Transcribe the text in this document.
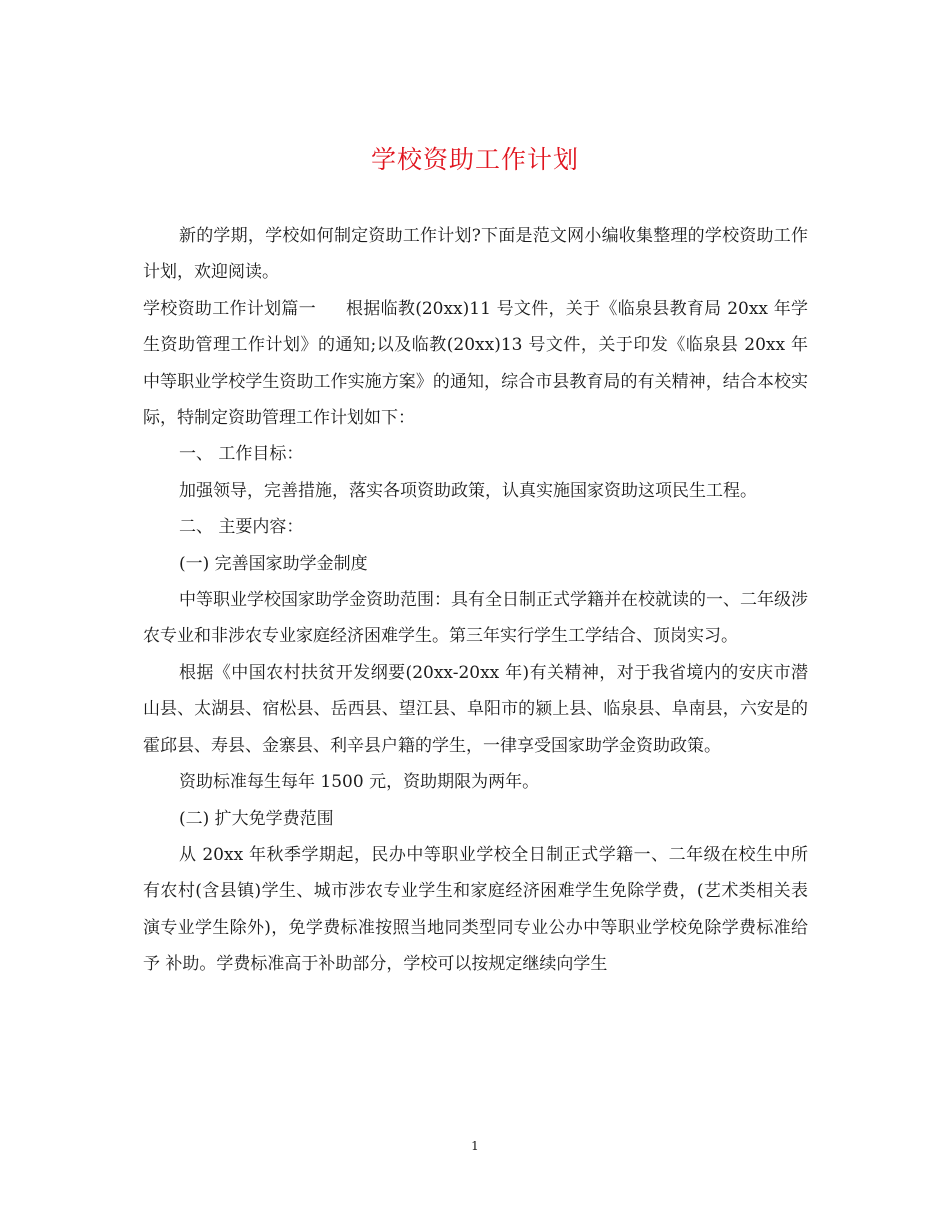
学校资助工作计划

新的学期，学校如何制定资助工作计划?下面是范文网小编收集整理的学校资助工作计划，欢迎阅读。

学校资助工作计划篇一 根据临教(20xx)11 号文件，关于《临泉县教育局 20xx 年学生资助管理工作计划》的通知;以及临教(20xx)13 号文件，关于印发《临泉县 20xx 年中等职业学校学生资助工作实施方案》的通知，综合市县教育局的有关精神，结合本校实际，特制定资助管理工作计划如下：

一、 工作目标：

加强领导，完善措施，落实各项资助政策，认真实施国家资助这项民生工程。

二、 主要内容：

(一) 完善国家助学金制度

中等职业学校国家助学金资助范围：具有全日制正式学籍并在校就读的一、二年级涉农专业和非涉农专业家庭经济困难学生。第三年实行学生工学结合、顶岗实习。

根据《中国农村扶贫开发纲要(20xx-20xx 年)有关精神，对于我省境内的安庆市潜山县、太湖县、宿松县、岳西县、望江县、阜阳市的颍上县、临泉县、阜南县，六安是的霍邱县、寿县、金寨县、利辛县户籍的学生，一律享受国家助学金资助政策。

资助标准每生每年 1500 元，资助期限为两年。

(二) 扩大免学费范围

从 20xx 年秋季学期起，民办中等职业学校全日制正式学籍一、二年级在校生中所有农村(含县镇)学生、城市涉农专业学生和家庭经济困难学生免除学费，(艺术类相关表演专业学生除外)，免学费标准按照当地同类型同专业公办中等职业学校免除学费标准给予 补助。学费标准高于补助部分，学校可以按规定继续向学生

1
